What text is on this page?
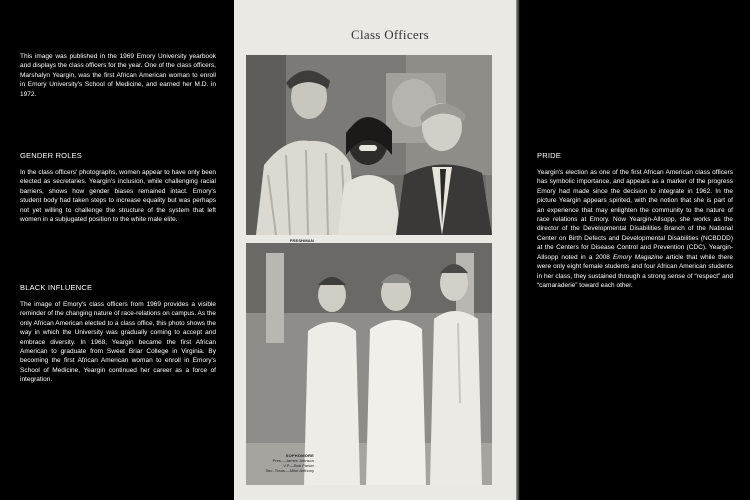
This image was published in the 1969 Emory University yearbook and displays the class officers for the year. One of the class officers, Marshalyn Yeargin, was the first African American woman to enroll in Emory University's School of Medicine, and earned her M.D. in 1972.

GENDER ROLES

In the class officers' photographs, women appear to have only been elected as secretaries. Yeargin's inclusion, while challenging racial barriers, shows how gender biases remained intact. Emory's student body had taken steps to increase equality but was perhaps not yet willing to challenge the structure of the system that left women in a subjugated position to the white male elite.

BLACK INFLUENCE

The image of Emory's class officers from 1969 provides a visible reminder of the changing nature of race-relations on campus. As the only African American elected to a class office, this photo shows the way in which the University was gradually coming to accept and embrace diversity. In 1968, Yeargin became the first African American to graduate from Sweet Briar College in Virginia. By becoming the first African American woman to enroll in Emory's School of Medicine, Yeargin continued her career as a force of integration.

Class Officers
FRESHMAN
SOPHOMORE
Pres.—James Johnson
V.P.—Bob Parker
Sec.-Treas.—Mike Anthony
PRIDE

Yeargin's election as one of the first African American class officers has symbolic importance, and appears as a marker of the progress Emory had made since the decision to integrate in 1962. In the picture Yeargin appears spirited, with the notion that she is part of an experience that may enlighten the community to the nature of race relations at Emory. Now Yeargin-Allsopp, she works as the director of the Developmental Disabilities Branch of the National Center on Birth Defects and Developmental Disabilities (NCBDDD) at the Centers for Disease Control and Prevention (CDC). Yeargin-Allsopp noted in a 2008 Emory Magazine article that while there were only eight female students and four African American students in her class, they sustained through a strong sense of “respect” and “camaraderie” toward each other.
